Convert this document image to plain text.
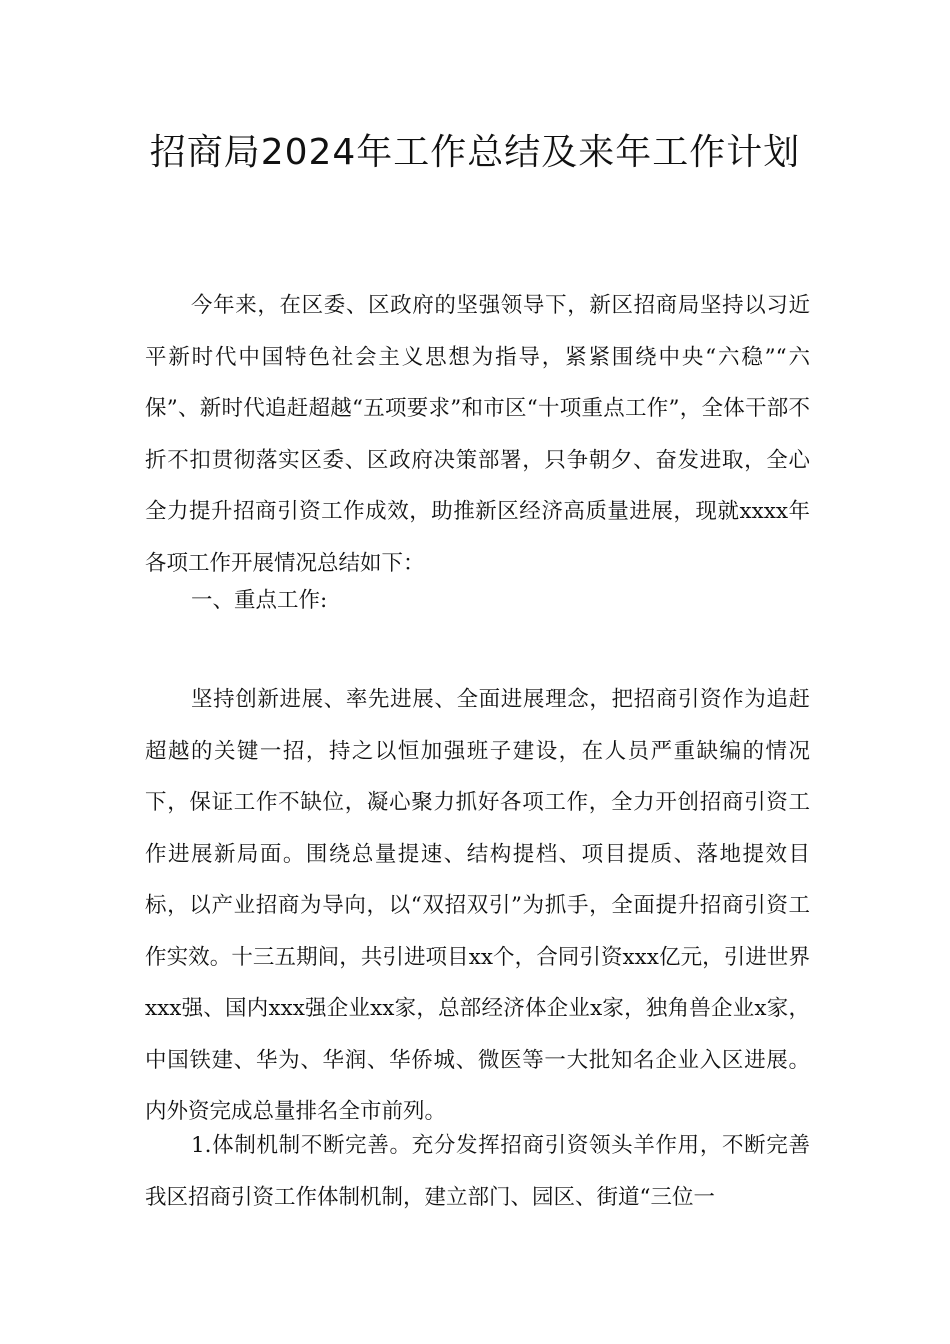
招商局2024年工作总结及来年工作计划

今年来，在区委、区政府的坚强领导下，新区招商局坚持以习近平新时代中国特色社会主义思想为指导，紧紧围绕中央“六稳”“六保”、新时代追赶超越“五项要求”和市区“十项重点工作”，全体干部不折不扣贯彻落实区委、区政府决策部署，只争朝夕、奋发进取，全心全力提升招商引资工作成效，助推新区经济高质量进展，现就xxxx年各项工作开展情况总结如下：

一、重点工作:

坚持创新进展、率先进展、全面进展理念，把招商引资作为追赶超越的关键一招，持之以恒加强班子建设，在人员严重缺编的情况下，保证工作不缺位，凝心聚力抓好各项工作，全力开创招商引资工作进展新局面。围绕总量提速、结构提档、项目提质、落地提效目标，以产业招商为导向，以“双招双引”为抓手，全面提升招商引资工作实效。十三五期间，共引进项目xx个，合同引资xxx亿元，引进世界xxx强、国内xxx强企业xx家，总部经济体企业x家，独角兽企业x家，中国铁建、华为、华润、华侨城、微医等一大批知名企业入区进展。内外资完成总量排名全市前列。

1.体制机制不断完善。充分发挥招商引资领头羊作用，不断完善我区招商引资工作体制机制，建立部门、园区、街道“三位一
